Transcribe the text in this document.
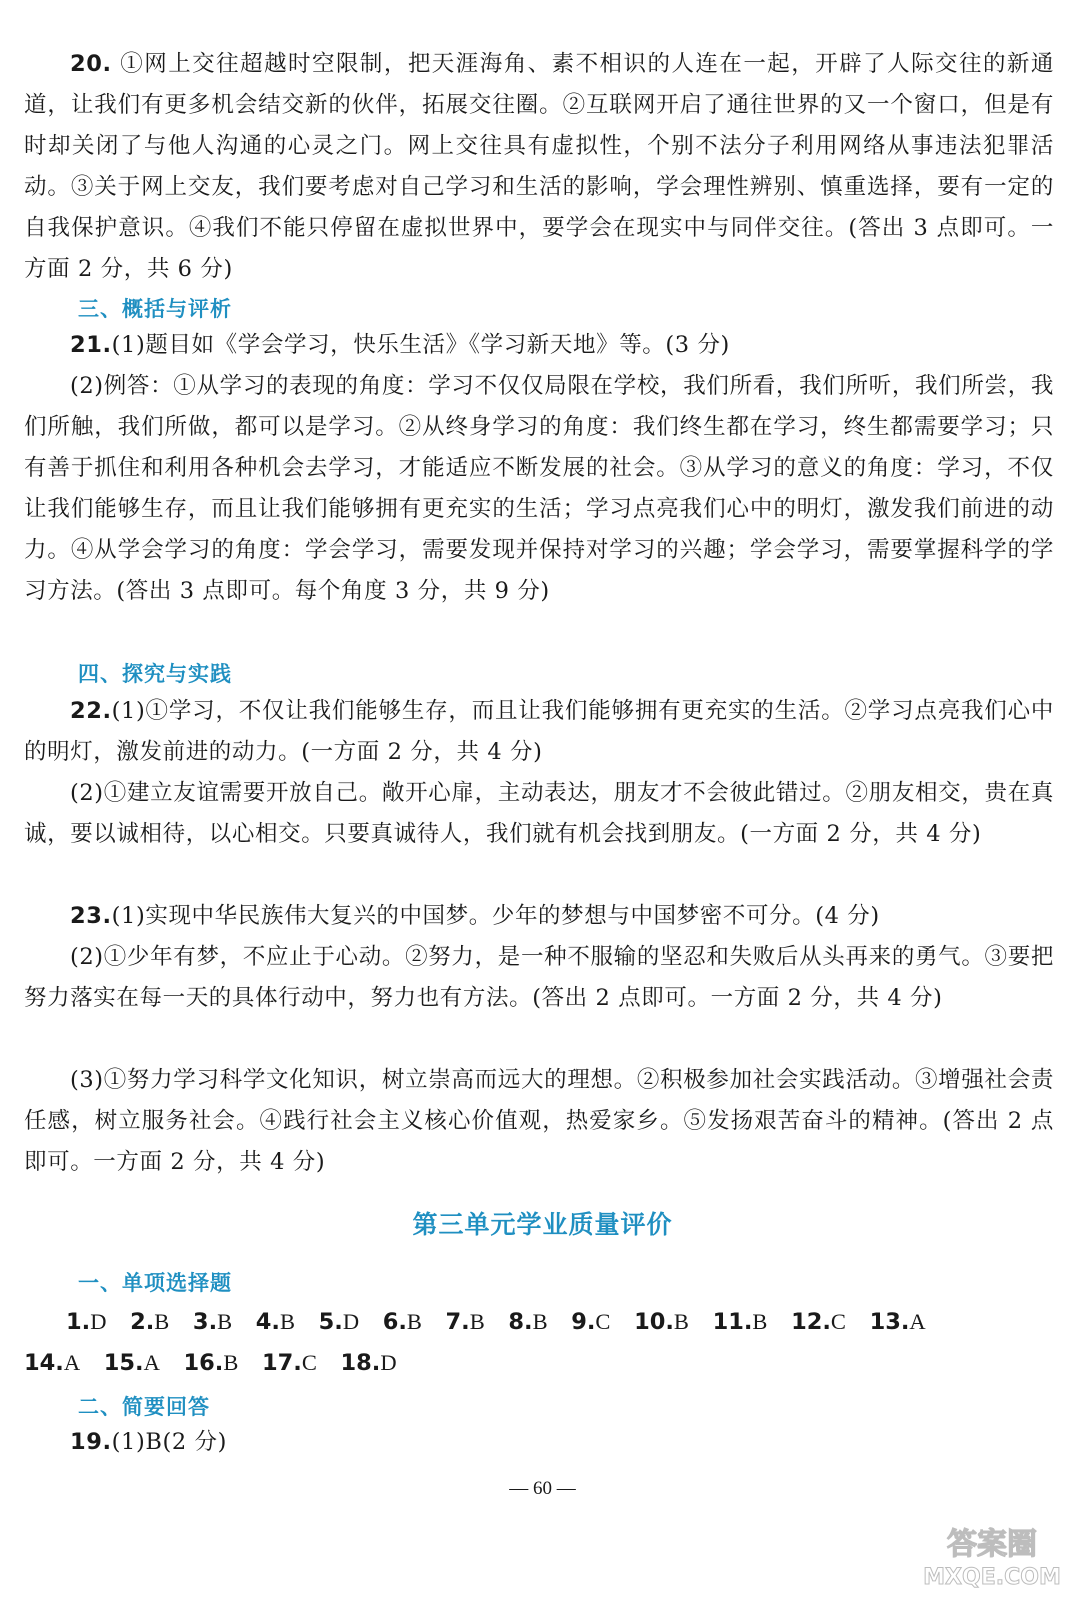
20. ①网上交往超越时空限制，把天涯海角、素不相识的人连在一起，开辟了人际交往的新通道，让我们有更多机会结交新的伙伴，拓展交往圈。②互联网开启了通往世界的又一个窗口，但是有时却关闭了与他人沟通的心灵之门。网上交往具有虚拟性，个别不法分子利用网络从事违法犯罪活动。③关于网上交友，我们要考虑对自己学习和生活的影响，学会理性辨别、慎重选择，要有一定的自我保护意识。④我们不能只停留在虚拟世界中，要学会在现实中与同伴交往。(答出 3 点即可。一方面 2 分，共 6 分)

三、概括与评析

21.(1)题目如《学会学习，快乐生活》《学习新天地》等。(3 分)

(2)例答：①从学习的表现的角度：学习不仅仅局限在学校，我们所看，我们所听，我们所尝，我们所触，我们所做，都可以是学习。②从终身学习的角度：我们终生都在学习，终生都需要学习；只有善于抓住和利用各种机会去学习，才能适应不断发展的社会。③从学习的意义的角度：学习，不仅让我们能够生存，而且让我们能够拥有更充实的生活；学习点亮我们心中的明灯，激发我们前进的动力。④从学会学习的角度：学会学习，需要发现并保持对学习的兴趣；学会学习，需要掌握科学的学习方法。(答出 3 点即可。每个角度 3 分，共 9 分)

四、探究与实践

22.(1)①学习，不仅让我们能够生存，而且让我们能够拥有更充实的生活。②学习点亮我们心中的明灯，激发前进的动力。(一方面 2 分，共 4 分)

(2)①建立友谊需要开放自己。敞开心扉，主动表达，朋友才不会彼此错过。②朋友相交，贵在真诚，要以诚相待，以心相交。只要真诚待人，我们就有机会找到朋友。(一方面 2 分，共 4 分)

23.(1)实现中华民族伟大复兴的中国梦。少年的梦想与中国梦密不可分。(4 分)

(2)①少年有梦，不应止于心动。②努力，是一种不服输的坚忍和失败后从头再来的勇气。③要把努力落实在每一天的具体行动中，努力也有方法。(答出 2 点即可。一方面 2 分，共 4 分)

(3)①努力学习科学文化知识，树立崇高而远大的理想。②积极参加社会实践活动。③增强社会责任感，树立服务社会。④践行社会主义核心价值观，热爱家乡。⑤发扬艰苦奋斗的精神。(答出 2 点即可。一方面 2 分，共 4 分)

第三单元学业质量评价
一、单项选择题
1.D 2.B 3.B 4.B 5.D 6.B 7.B 8.B 9.C 10.B 11.B 12.C 13.A
14.A 15.A 16.B 17.C 18.D
二、简要回答

19.(1)B(2 分)

— 60 —
答案圈
MXQE.COM
